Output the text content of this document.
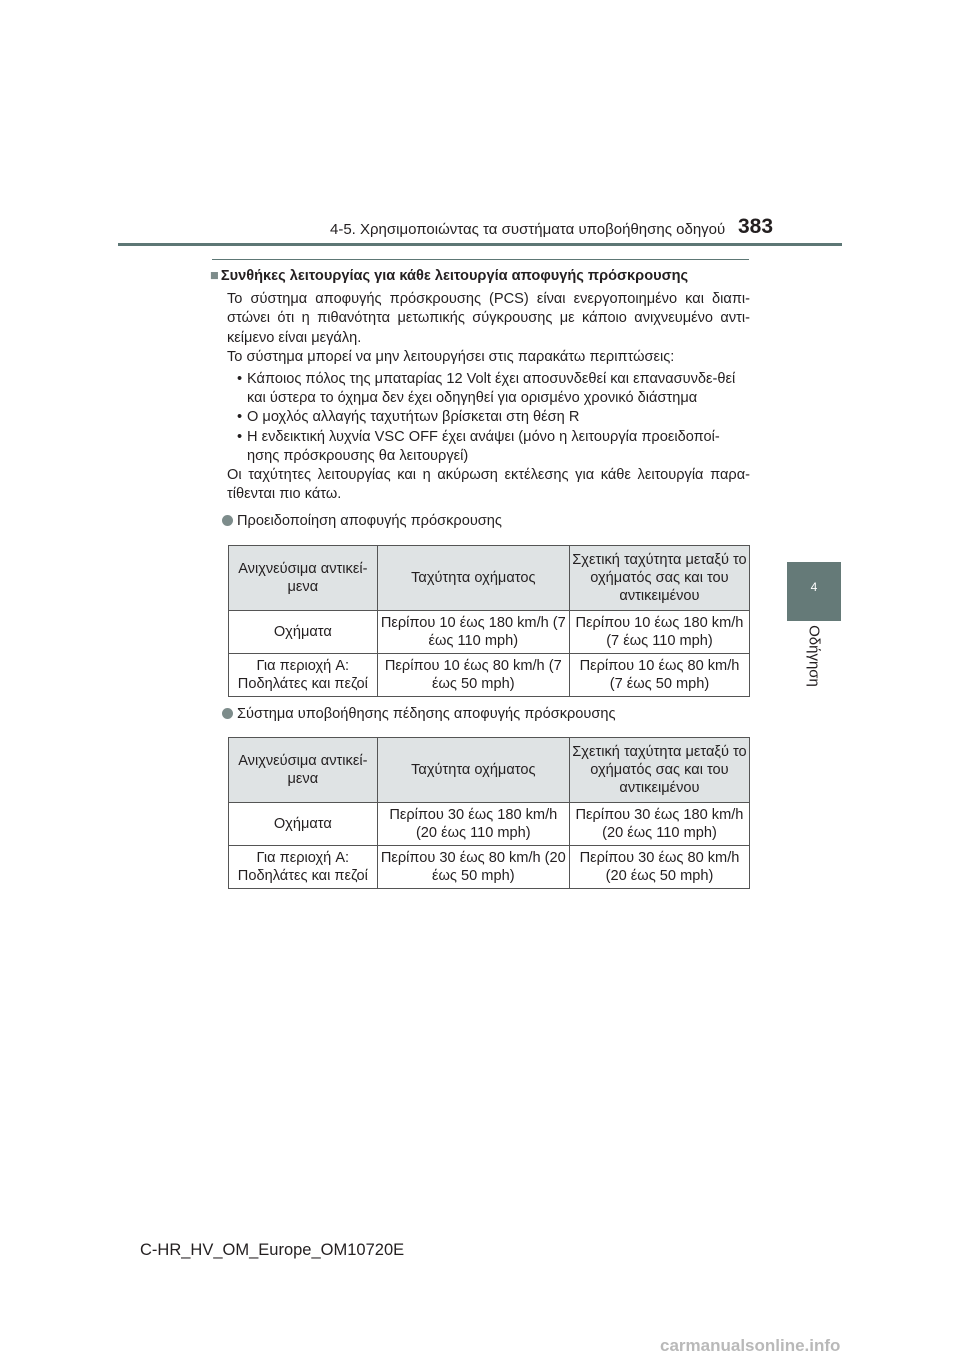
4-5. Χρησιμοποιώντας τα συστήματα υποβοήθησης οδηγού 383
4
Οδήγηση
■ Συνθήκες λειτουργίας για κάθε λειτουργία αποφυγής πρόσκρουσης

Το σύστημα αποφυγής πρόσκρουσης (PCS) είναι ενεργοποιημένο και διαπι-στώνει ότι η πιθανότητα μετωπικής σύγκρουσης με κάποιο ανιχνευμένο αντι-κείμενο είναι μεγάλη.

Το σύστημα μπορεί να μην λειτουργήσει στις παρακάτω περιπτώσεις:

• Κάποιος πόλος της μπαταρίας 12 Volt έχει αποσυνδεθεί και επανασυνδε-θεί και ύστερα το όχημα δεν έχει οδηγηθεί για ορισμένο χρονικό διάστημα
• Ο μοχλός αλλαγής ταχυτήτων βρίσκεται στη θέση R
• Η ενδεικτική λυχνία VSC OFF έχει ανάψει (μόνο η λειτουργία προειδοποί-ησης πρόσκρουσης θα λειτουργεί)

Οι ταχύτητες λειτουργίας και η ακύρωση εκτέλεσης για κάθε λειτουργία παρα-τίθενται πιο κάτω.

Προειδοποίηση αποφυγής πρόσκρουσης
Ανιχνεύσιμα αντικεί-μενα	Ταχύτητα οχήματος	Σχετική ταχύτητα μεταξύ το οχήματός σας και του αντικειμένου
Οχήματα	Περίπου 10 έως 180 km/h (7 έως 110 mph)	Περίπου 10 έως 180 km/h (7 έως 110 mph)
Για περιοχή A: Ποδηλάτες και πεζοί	Περίπου 10 έως 80 km/h (7 έως 50 mph)	Περίπου 10 έως 80 km/h (7 έως 50 mph)
Σύστημα υποβοήθησης πέδησης αποφυγής πρόσκρουσης
Ανιχνεύσιμα αντικεί-μενα	Ταχύτητα οχήματος	Σχετική ταχύτητα μεταξύ το οχήματός σας και του αντικειμένου
Οχήματα	Περίπου 30 έως 180 km/h (20 έως 110 mph)	Περίπου 30 έως 180 km/h (20 έως 110 mph)
Για περιοχή A: Ποδηλάτες και πεζοί	Περίπου 30 έως 80 km/h (20 έως 50 mph)	Περίπου 30 έως 80 km/h (20 έως 50 mph)
C-HR_HV_OM_Europe_OM10720E
carmanualsonline.info
